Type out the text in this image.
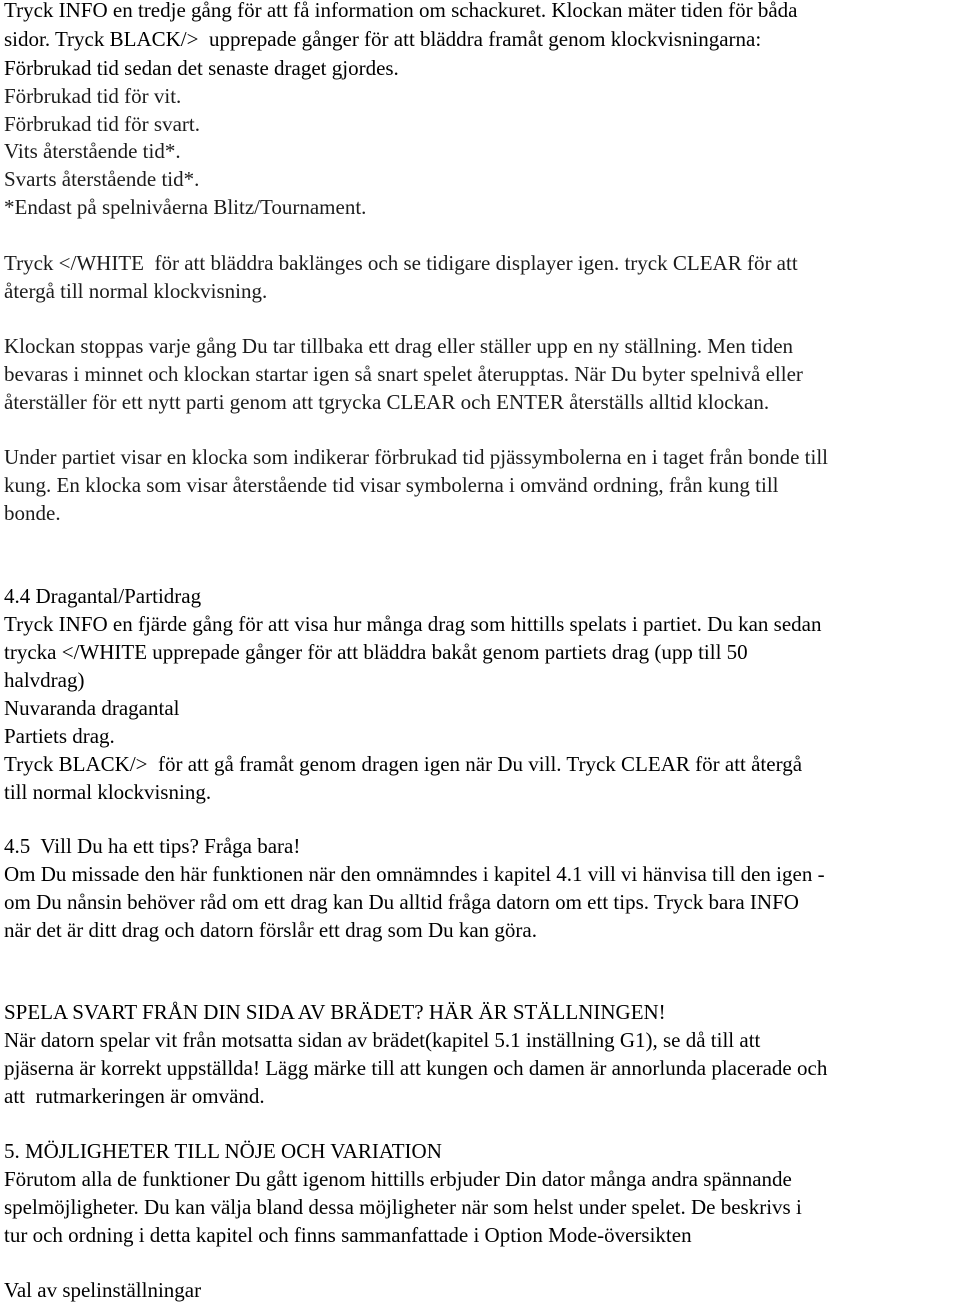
Tryck INFO en tredje gång för att få information om schackuret. Klockan mäter tiden för båda
sidor. Tryck BLACK/>  upprepade gånger för att bläddra framåt genom klockvisningarna:
Förbrukad tid sedan det senaste draget gjordes.
Förbrukad tid för vit.
Förbrukad tid för svart.
Vits återstående tid*.
Svarts återstående tid*.
*Endast på spelnivåerna Blitz/Tournament.
Tryck </WHITE  för att bläddra baklänges och se tidigare displayer igen. tryck CLEAR för att
återgå till normal klockvisning.
Klockan stoppas varje gång Du tar tillbaka ett drag eller ställer upp en ny ställning. Men tiden
bevaras i minnet och klockan startar igen så snart spelet återupptas. När Du byter spelnivå eller
återställer för ett nytt parti genom att tgrycka CLEAR och ENTER återställs alltid klockan.
Under partiet visar en klocka som indikerar förbrukad tid pjässymbolerna en i taget från bonde till
kung. En klocka som visar återstående tid visar symbolerna i omvänd ordning, från kung till
bonde.
4.4 Dragantal/Partidrag
Tryck INFO en fjärde gång för att visa hur många drag som hittills spelats i partiet. Du kan sedan
trycka </WHITE upprepade gånger för att bläddra bakåt genom partiets drag (upp till 50
halvdrag)
Nuvaranda dragantal
Partiets drag.
Tryck BLACK/>  för att gå framåt genom dragen igen när Du vill. Tryck CLEAR för att återgå
till normal klockvisning.
4.5  Vill Du ha ett tips? Fråga bara!
Om Du missade den här funktionen när den omnämndes i kapitel 4.1 vill vi hänvisa till den igen -
om Du nånsin behöver råd om ett drag kan Du alltid fråga datorn om ett tips. Tryck bara INFO
när det är ditt drag och datorn förslår ett drag som Du kan göra.
SPELA SVART FRÅN DIN SIDA AV BRÄDET? HÄR ÄR STÄLLNINGEN!
När datorn spelar vit från motsatta sidan av brädet(kapitel 5.1 inställning G1), se då till att
pjäserna är korrekt uppställda! Lägg märke till att kungen och damen är annorlunda placerade och
att  rutmarkeringen är omvänd.
5. MÖJLIGHETER TILL NÖJE OCH VARIATION
Förutom alla de funktioner Du gått igenom hittills erbjuder Din dator många andra spännande
spelmöjligheter. Du kan välja bland dessa möjligheter när som helst under spelet. De beskrivs i
tur och ordning i detta kapitel och finns sammanfattade i Option Mode-översikten
Val av spelinställningar
